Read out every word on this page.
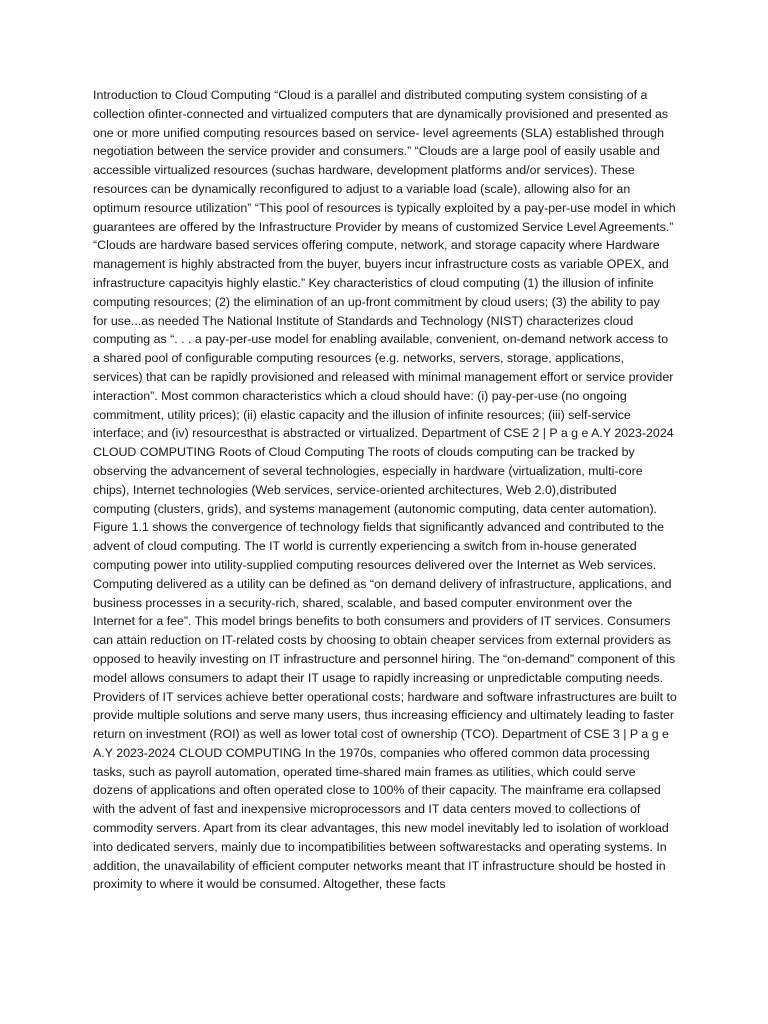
Introduction to Cloud Computing “Cloud is a parallel and distributed computing system consisting of a collection ofinter-connected and virtualized computers that are dynamically provisioned and presented as one or more unified computing resources based on service- level agreements (SLA) established through negotiation between the service provider and consumers.” “Clouds are a large pool of easily usable and accessible virtualized resources (suchas hardware, development platforms and/or services). These resources can be dynamically reconfigured to adjust to a variable load (scale), allowing also for an optimum resource utilization” “This pool of resources is typically exploited by a pay-per-use model in which guarantees are offered by the Infrastructure Provider by means of customized Service Level Agreements.” “Clouds are hardware based services offering compute, network, and storage capacity where Hardware management is highly abstracted from the buyer, buyers incur infrastructure costs as variable OPEX, and infrastructure capacityis highly elastic.” Key characteristics of cloud computing (1) the illusion of infinite computing resources; (2) the elimination of an up-front commitment by cloud users; (3) the ability to pay for use...as needed The National Institute of Standards and Technology (NIST) characterizes cloud computing as “. . . a pay-per-use model for enabling available, convenient, on-demand network access to a shared pool of configurable computing resources (e.g. networks, servers, storage, applications, services) that can be rapidly provisioned and released with minimal management effort or service provider interaction”. Most common characteristics which a cloud should have: (i) pay-per-use (no ongoing commitment, utility prices); (ii) elastic capacity and the illusion of infinite resources; (iii) self-service interface; and (iv) resourcesthat is abstracted or virtualized. Department of CSE 2 | P a g e A.Y 2023-2024 CLOUD COMPUTING Roots of Cloud Computing The roots of clouds computing can be tracked by observing the advancement of several technologies, especially in hardware (virtualization, multi-core chips), Internet technologies (Web services, service-oriented architectures, Web 2.0),distributed computing (clusters, grids), and systems management (autonomic computing, data center automation). Figure 1.1 shows the convergence of technology fields that significantly advanced and contributed to the advent of cloud computing. The IT world is currently experiencing a switch from in-house generated computing power into utility-supplied computing resources delivered over the Internet as Web services. Computing delivered as a utility can be defined as “on demand delivery of infrastructure, applications, and business processes in a security-rich, shared, scalable, and based computer environment over the Internet for a fee”. This model brings benefits to both consumers and providers of IT services. Consumers can attain reduction on IT-related costs by choosing to obtain cheaper services from external providers as opposed to heavily investing on IT infrastructure and personnel hiring. The “on-demand” component of this model allows consumers to adapt their IT usage to rapidly increasing or unpredictable computing needs. Providers of IT services achieve better operational costs; hardware and software infrastructures are built to provide multiple solutions and serve many users, thus increasing efficiency and ultimately leading to faster return on investment (ROI) as well as lower total cost of ownership (TCO). Department of CSE 3 | P a g e A.Y 2023-2024 CLOUD COMPUTING In the 1970s, companies who offered common data processing tasks, such as payroll automation, operated time-shared main frames as utilities, which could serve dozens of applications and often operated close to 100% of their capacity. The mainframe era collapsed with the advent of fast and inexpensive microprocessors and IT data centers moved to collections of commodity servers. Apart from its clear advantages, this new model inevitably led to isolation of workload into dedicated servers, mainly due to incompatibilities between softwarestacks and operating systems. In addition, the unavailability of efficient computer networks meant that IT infrastructure should be hosted in proximity to where it would be consumed. Altogether, these facts
